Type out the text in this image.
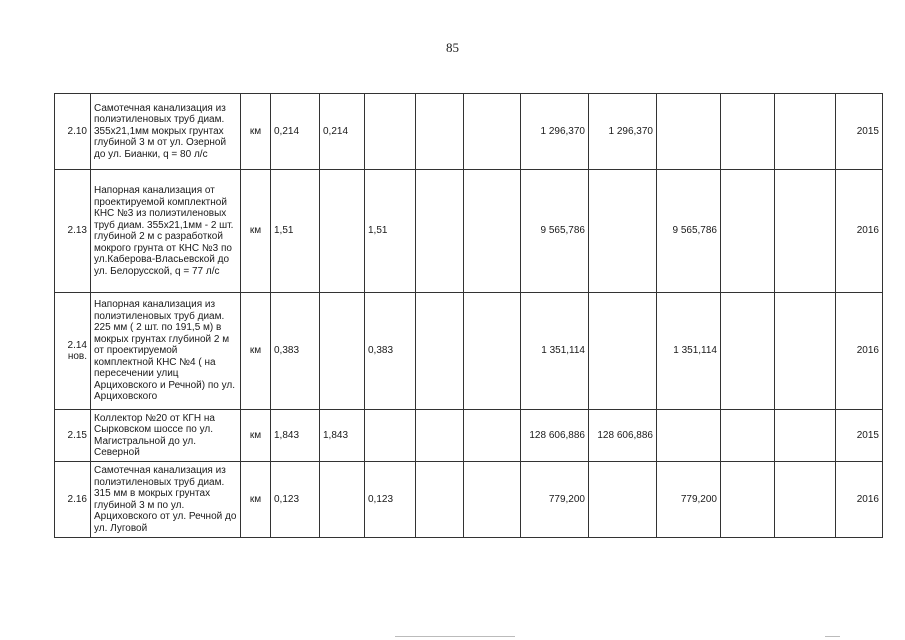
85
2.10	Самотечная канализация из полиэтиленовых труб диам. 355х21,1мм мокрых грунтах глубиной 3 м от ул. Озерной до ул. Бианки, q = 80 л/с	км	0,214	0,214				1 296,370	1 296,370				2015
2.13	Напорная канализация от проектируемой комплектной КНС №3 из полиэтиленовых труб диам. 355х21,1мм - 2 шт. глубиной 2 м с разработкой мокрого грунта от КНС №3 по ул.Каберова-Власьевской до ул. Белорусской, q = 77 л/с	км	1,51		1,51			9 565,786		9 565,786			2016
2.14 нов.	Напорная канализация из полиэтиленовых труб диам. 225 мм ( 2 шт. по 191,5 м) в мокрых грунтах глубиной 2 м от проектируемой комплектной КНС №4 ( на пересечении улиц Арциховского и Речной) по ул. Арциховского	км	0,383		0,383			1 351,114		1 351,114			2016
2.15	Коллектор №20 от КГН на Сырковском шоссе по ул. Магистральной до ул. Северной	км	1,843	1,843				128 606,886	128 606,886				2015
2.16	Самотечная канализация из полиэтиленовых труб диам. 315 мм в мокрых грунтах глубиной 3 м по ул. Арциховского от ул. Речной до ул. Луговой	км	0,123		0,123			779,200		779,200			2016
